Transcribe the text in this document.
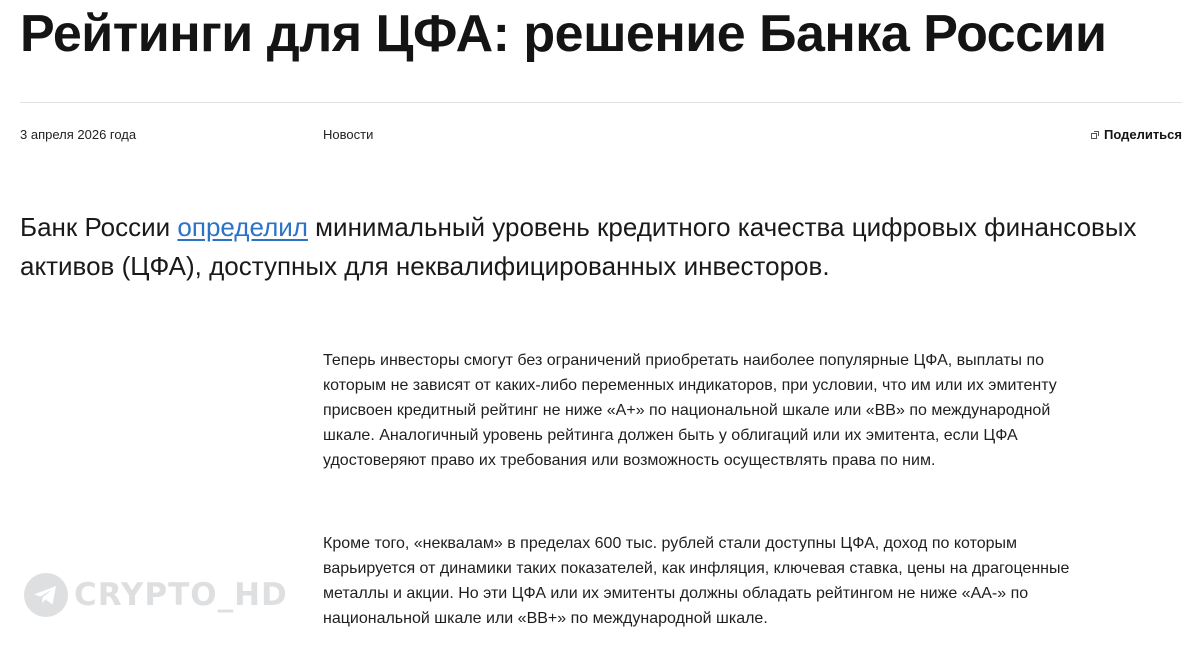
Рейтинги для ЦФА: решение Банка России
3 апреля 2026 года	Новости	Поделиться

Банк России определил минимальный уровень кредитного качества цифровых финансовых активов (ЦФА), доступных для неквалифицированных инвесторов.

Теперь инвесторы смогут без ограничений приобретать наиболее популярные ЦФА, выплаты по которым не зависят от каких-либо переменных индикаторов, при условии, что им или их эмитенту присвоен кредитный рейтинг не ниже «А+» по национальной шкале или «ВВ» по международной шкале. Аналогичный уровень рейтинга должен быть у облигаций или их эмитента, если ЦФА удостоверяют право их требования или возможность осуществлять права по ним.

Кроме того, «неквалам» в пределах 600 тыс. рублей стали доступны ЦФА, доход по которым варьируется от динамики таких показателей, как инфляция, ключевая ставка, цены на драгоценные металлы и акции. Но эти ЦФА или их эмитенты должны обладать рейтингом не ниже «АА-» по национальной шкале или «ВВ+» по международной шкале.

CRYPTO_HD
